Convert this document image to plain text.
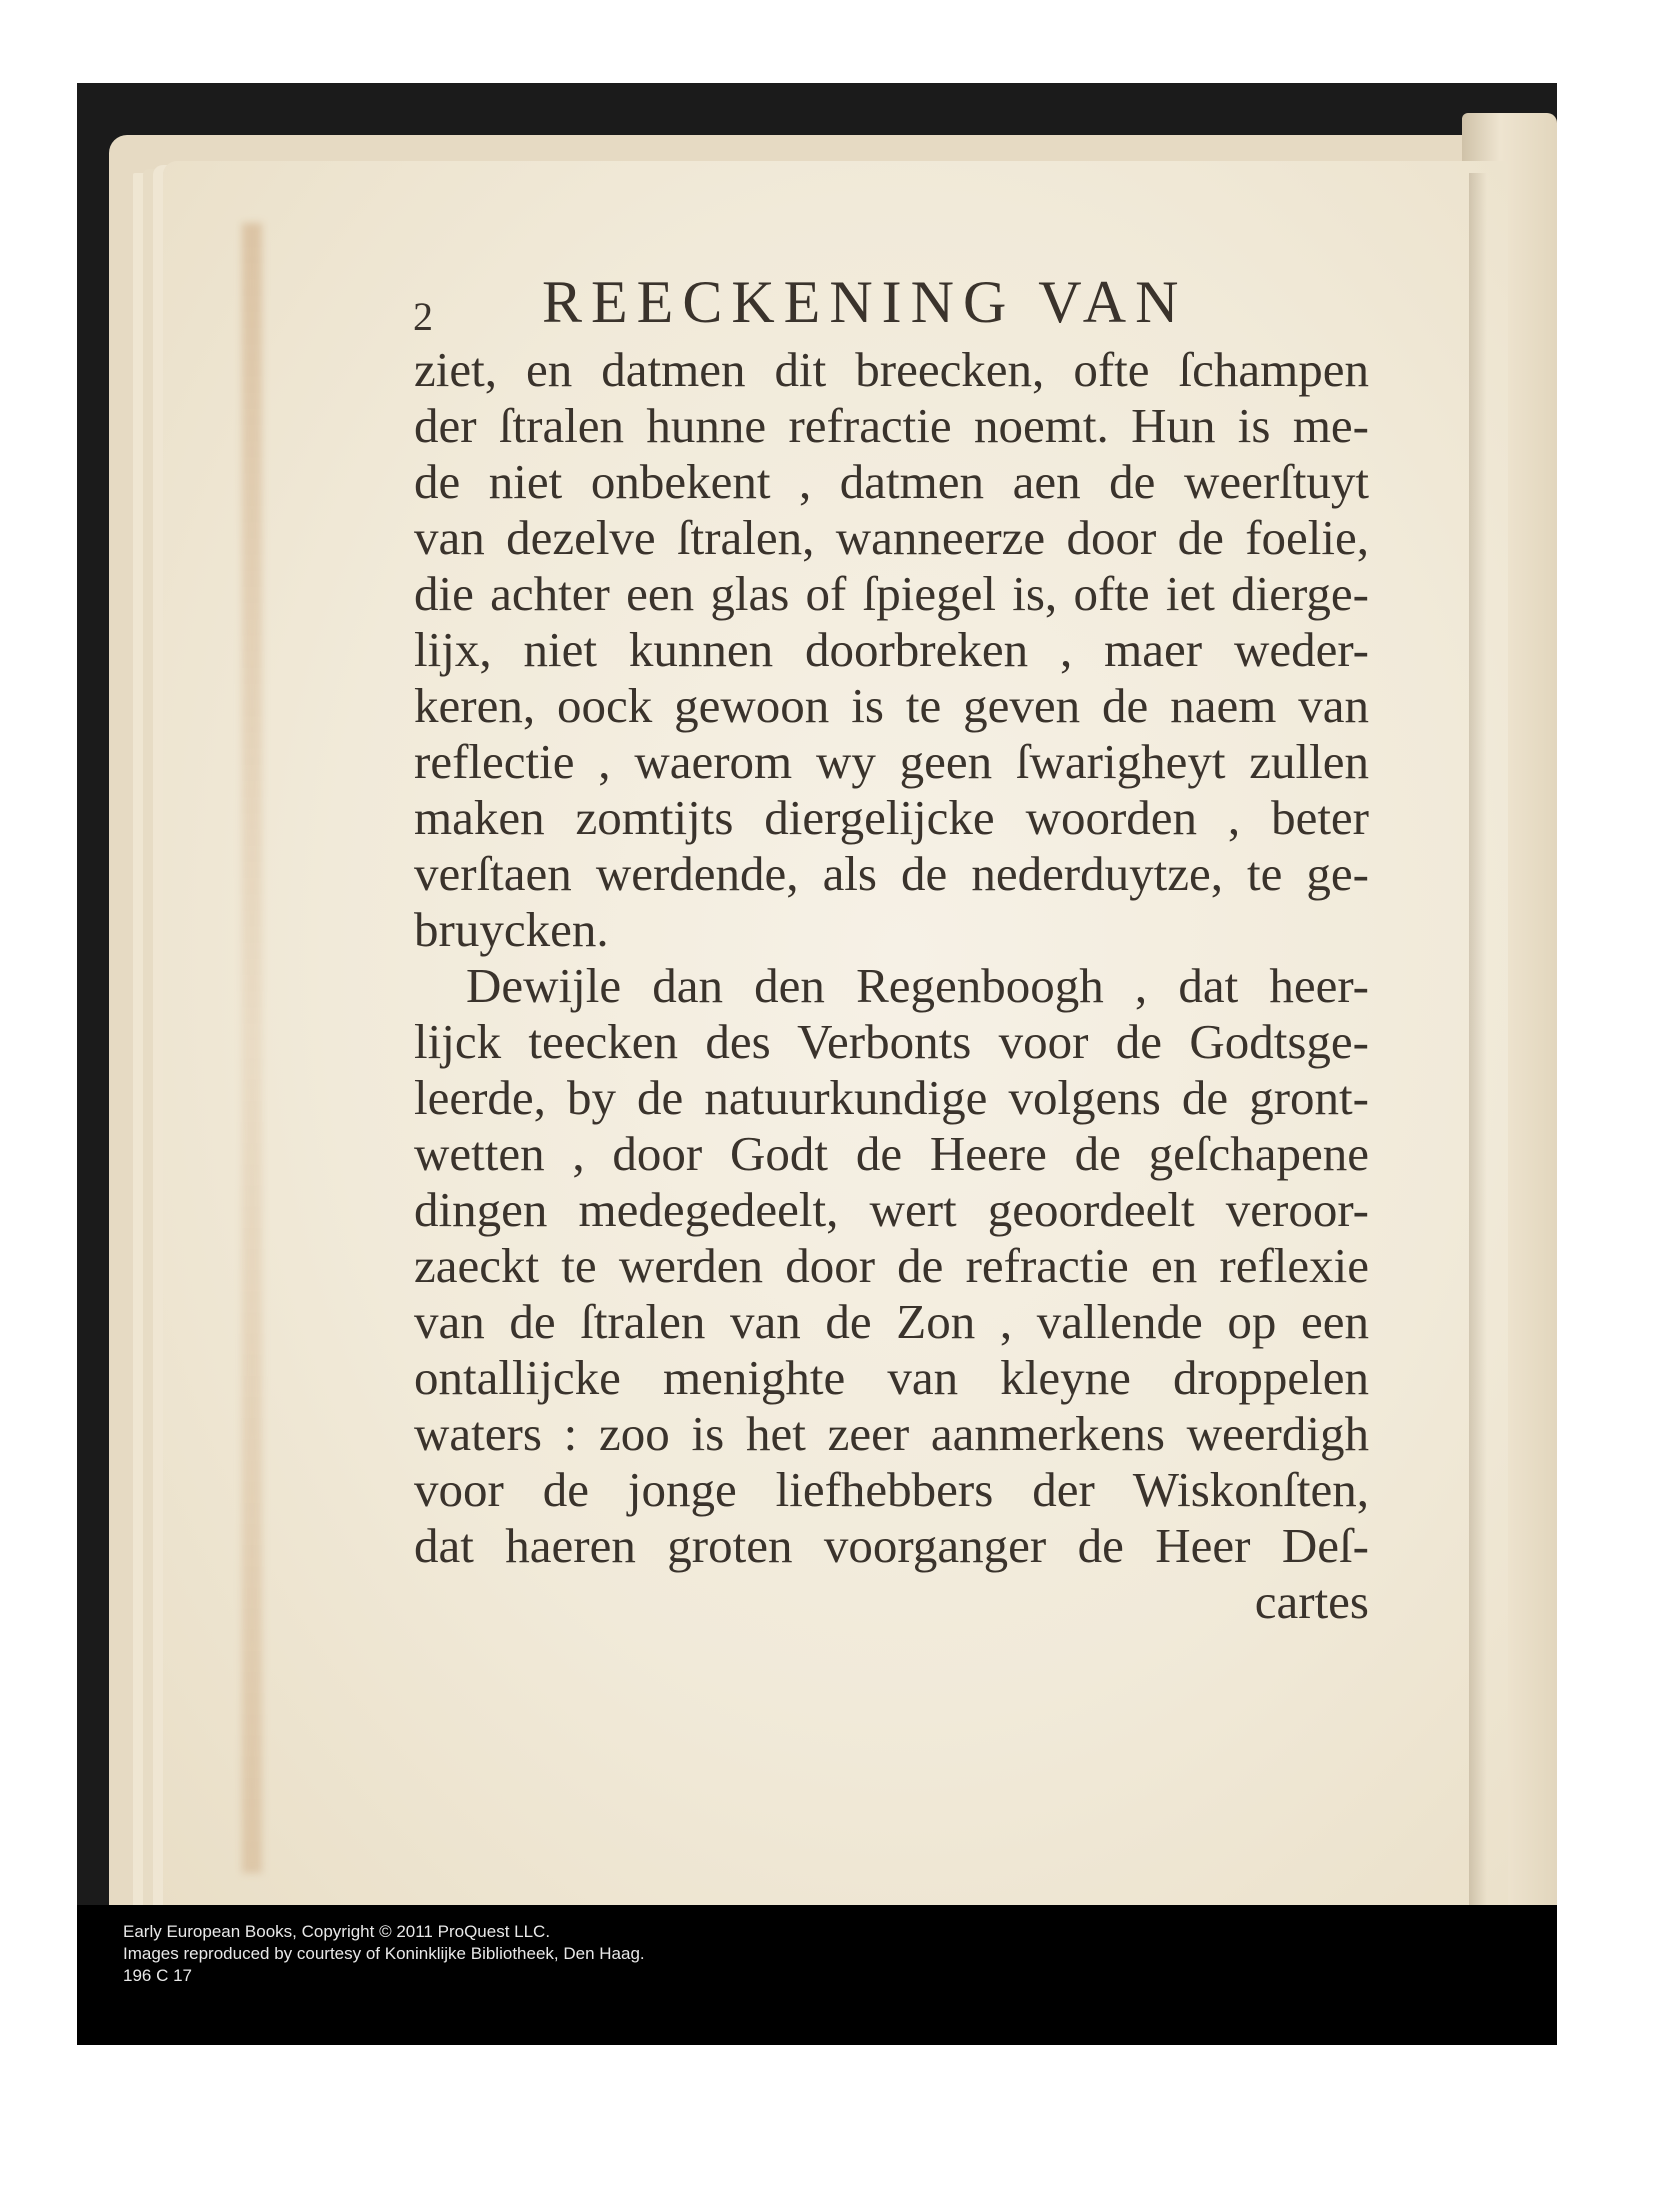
2 REECKENING VAN
ziet, en datmen dit breecken, ofte ſchampen
der ſtralen hunne refractie noemt. Hun is me-
de niet onbekent , datmen aen de weerſtuyt
van dezelve ſtralen, wanneerze door de foelie,
die achter een glas of ſpiegel is, ofte iet dierge-
lijx, niet kunnen doorbreken , maer weder-
keren, oock gewoon is te geven de naem van
reflectie , waerom wy geen ſwarigheyt zullen
maken zomtijts diergelijcke woorden , beter
verſtaen werdende, als de nederduytze, te ge-
bruycken.
Dewijle dan den Regenboogh , dat heer-
lijck teecken des Verbonts voor de Godtsge-
leerde, by de natuurkundige volgens de gront-
wetten , door Godt de Heere de geſchapene
dingen medegedeelt, wert geoordeelt veroor-
zaeckt te werden door de refractie en reflexie
van de ſtralen van de Zon , vallende op een
ontallijcke menighte van kleyne droppelen
waters : zoo is het zeer aanmerkens weerdigh
voor de jonge liefhebbers der Wiskonſten,
dat haeren groten voorganger de Heer Deſ-
cartes
Early European Books, Copyright © 2011 ProQuest LLC.
Images reproduced by courtesy of Koninklijke Bibliotheek, Den Haag.
196 C 17
